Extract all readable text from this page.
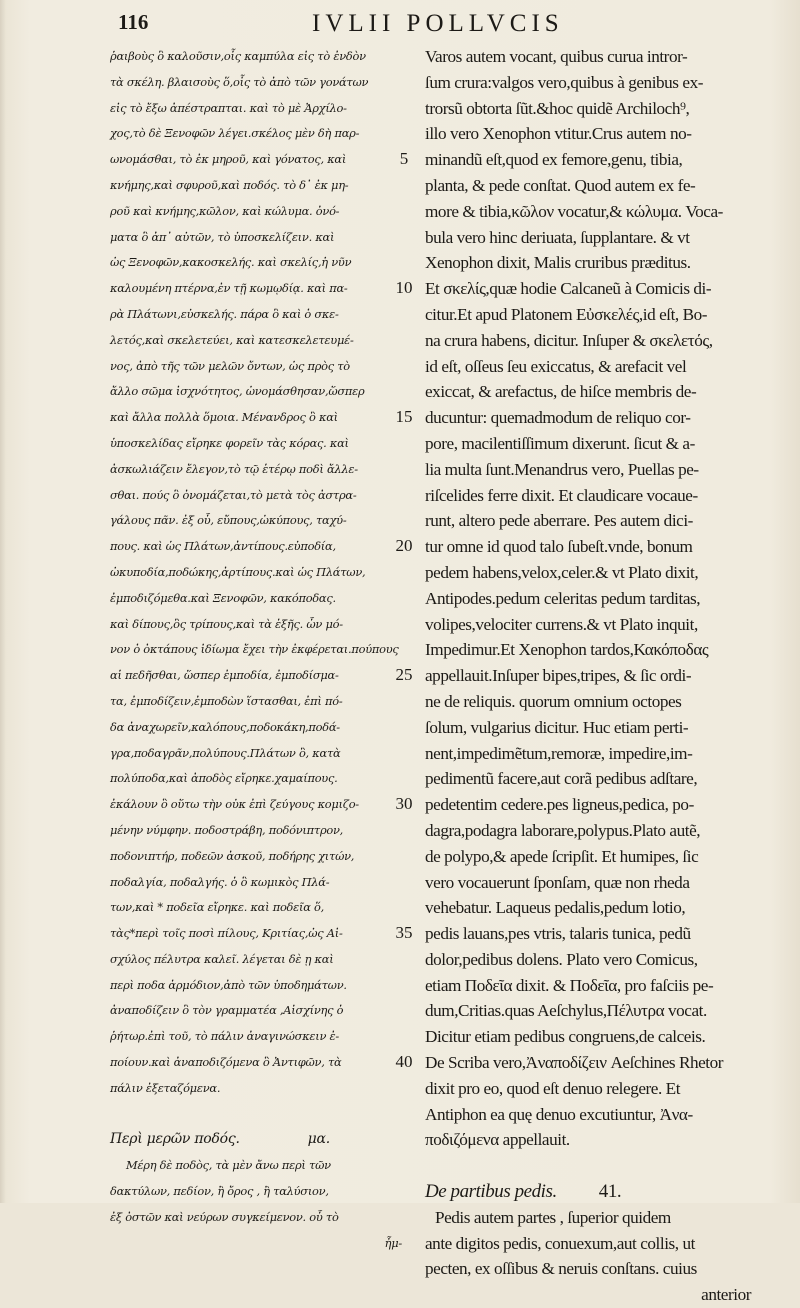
116	IVLII POLLVCIS
ῥαιβοὺς ὃ καλοῦσιν,οἷς καμπύλα εἰς τὸ ἐνδὸν
τὰ σκέλη. βλαισοὺς ὅ,οἷς τὸ ἀπὸ τῶν γονάτων
εἰς τὸ ἔξω ἀπέστραπται. καὶ τὸ μὲ Ἀρχίλο-
χος,τὸ δὲ Ξενοφῶν λέγει.σκέλος μὲν δὴ παρ-
ωνομάσθαι, τὸ ἐκ μηροῦ, καὶ γόνατος, καὶ
κνήμης,καὶ σφυροῦ,καὶ ποδός. τὸ δ᾽ ἐκ μη-
ροῦ καὶ κνήμης,κῶλον, καὶ κώλυμα. ὀνό-
ματα ὃ ἀπ᾽ αὐτῶν, τὸ ὑποσκελίζειν. καὶ
ὡς Ξενοφῶν,κακοσκελής. καὶ σκελίς,ἡ νῦν
καλουμένη πτέρνα,ἐν τῇ κωμῳδίᾳ. καὶ πα-
ρὰ Πλάτωνι,εὐσκελής. πάρα ὃ καὶ ὁ σκε-
λετός,καὶ σκελετεύει, καὶ κατεσκελετευμέ-
νος, ἀπὸ τῆς τῶν μελῶν ὄντων, ὡς πρὸς τὸ
ἄλλο σῶμα ἰσχνότητος, ὠνομάσθησαν,ὥσπερ
καὶ ἄλλα πολλὰ ὅμοια. Μένανδρος ὃ καὶ
ὑποσκελίδας εἴρηκε φορεῖν τὰς κόρας. καὶ
ἀσκωλιάζειν ἔλεγον,τὸ τῷ ἑτέρῳ ποδὶ ἄλλε-
σθαι. πούς ὃ ὀνομάζεται,τὸ μετὰ τὸς ἀστρα-
γάλους πᾶν. ἐξ οὗ, εὔπους,ὠκύπους, ταχύ-
πους. καὶ ὡς Πλάτων,ἀντίπους.εὐποδία,
ὠκυποδία,ποδώκης,ἀρτίπους.καὶ ὡς Πλάτων,
ἐμποδιζόμεθα.καὶ Ξενοφῶν, κακόποδας.
καὶ δίπους,ὃς τρίπους,καὶ τὰ ἑξῆς. ὧν μό-
νον ὁ ὀκτάπους ἰδίωμα ἔχει τὴν ἐκφέρεται.πούπους
αἱ πεδῆσθαι, ὥσπερ ἐμποδία, ἐμποδίσμα-
τα, ἐμποδίζειν,ἐμποδὼν ἵστασθαι, ἐπὶ πό-
δα ἀναχωρεῖν,καλόπους,ποδοκάκη,ποδά-
γρα,ποδαγρᾶν,πολύπους.Πλάτων ὃ, κατὰ
πολύποδα,καὶ ἀποδὸς εἴρηκε.χαμαίπους.
ἐκάλουν ὃ οὕτω τὴν οὐκ ἐπὶ ζεύγους κομιζο-
μένην νύμφην. ποδοστράβη, ποδόνιπτρον,
ποδονιπτήρ, ποδεῶν ἀσκοῦ, ποδήρης χιτών,
ποδαλγία, ποδαλγής. ὁ ὃ κωμικὸς Πλά-
των,καὶ * ποδεῖα εἴρηκε. καὶ ποδεῖα ὅ,
τὰς*περὶ τοῖς ποσὶ πίλους, Κριτίας,ὡς Αἰ-
σχύλος πέλυτρα καλεῖ. λέγεται δὲ ῃ καὶ
περὶ ποδα ἁρμόδιον,ἀπὸ τῶν ὑποδημάτων.
ἀναποδίζειν ὃ τὸν γραμματέα ,Αἰσχίνης ὁ
ῥήτωρ.ἐπὶ τοῦ, τὸ πάλιν ἀναγινώσκειν ἐ-
ποίουν.καὶ ἀναποδιζόμενα ὃ Ἀντιφῶν, τὰ
πάλιν ἐξεταζόμενα.
Περὶ μερῶν ποδός.	μα.
Μέρη δὲ ποδὸς, τὰ μὲν ἄνω περὶ τῶν
δακτύλων, πεδίον, ἢ ὄρος , ἢ ταλύσιον,
ἐξ ὀστῶν καὶ νεύρων συγκείμενον. οὗ τὸ
ἦμ-
5
10
15
20
25
30
35
40
Varos autem vocant, quibus curua intror-
ſum crura:valgos vero,quibus à genibus ex-
trorsũ obtorta ſũt.&hoc quidẽ Archiloch⁹,
illo vero Xenophon vtitur.Crus autem no-
minandũ eſt,quod ex femore,genu, tibia,
planta, & pede conſtat. Quod autem ex fe-
more & tibia,κῶλον vocatur,& κώλυμα. Voca-
bula vero hinc deriuata, ſupplantare. & vt
Xenophon dixit, Malis cruribus præditus.
Et σκελίς,quæ hodie Calcaneũ à Comicis di-
citur.Et apud Platonem Εὐσκελές,id eſt, Bo-
na crura habens, dicitur. Inſuper & σκελετός,
id eſt, oſſeus ſeu exiccatus, & arefacit vel
exiccat, & arefactus, de hiſce membris de-
ducuntur: quemadmodum de reliquo cor-
pore, macilentiſſimum dixerunt. ſicut & a-
lia multa ſunt.Menandrus vero, Puellas pe-
riſcelides ferre dixit. Et claudicare vocaue-
runt, altero pede aberrare. Pes autem dici-
tur omne id quod talo ſubeſt.vnde, bonum
pedem habens,velox,celer.& vt Plato dixit,
Antipodes.pedum celeritas pedum tarditas,
volipes,velociter currens.& vt Plato inquit,
Impedimur.Et Xenophon tardos,Κακόποδας
appellauit.Inſuper bipes,tripes, & ſic ordi-
ne de reliquis. quorum omnium octopes
ſolum, vulgarius dicitur. Huc etiam perti-
nent,impedimẽtum,remoræ, impedire,im-
pedimentũ facere,aut corã pedibus adſtare,
pedetentim cedere.pes ligneus,pedica, po-
dagra,podagra laborare,polypus.Plato autẽ,
de polypo,& apede ſcripſit. Et humipes, ſic
vero vocauerunt ſponſam, quæ non rheda
vehebatur. Laqueus pedalis,pedum lotio,
pedis lauans,pes vtris, talaris tunica, pedũ
dolor,pedibus dolens. Plato vero Comicus,
etiam Ποδεῖα dixit. & Ποδεῖα, pro faſciis pe-
dum,Critias.quas Aeſchylus,Πέλυτρα vocat.
Dicitur etiam pedibus congruens,de calceis.
De Scriba vero,Ἀναποδίζειν Aeſchines Rhetor
dixit pro eo, quod eſt denuo relegere. Et
Antiphon ea quę denuo excutiuntur, Ἀνα-
ποδιζόμενα appellauit.
De partibus pedis. 41.
Pedis autem partes , ſuperior quidem
ante digitos pedis, conuexum,aut collis, ut
pecten, ex oſſibus & neruis conſtans. cuius
anterior
